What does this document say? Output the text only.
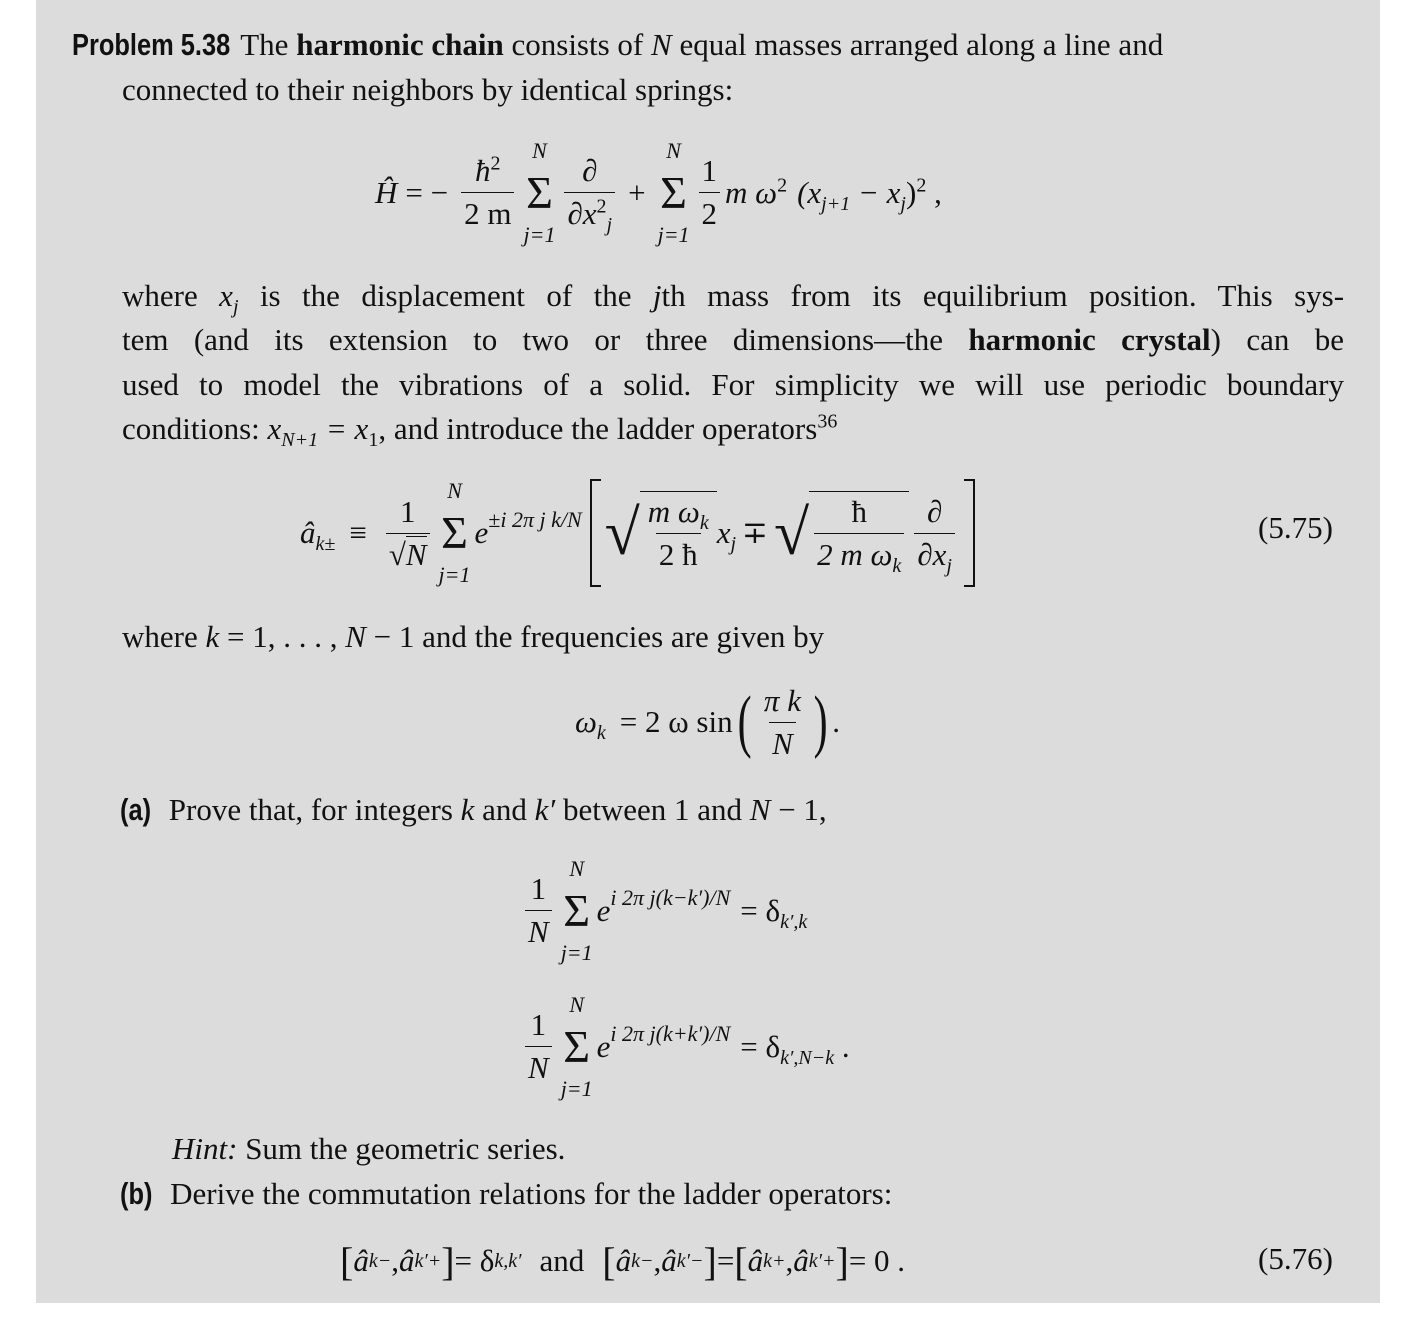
Problem 5.38 The harmonic chain consists of N equal masses arranged along a line and
connected to their neighbors by identical springs:
Ĥ = − $\frac{ħ^2}{2 m}$
N
Σ
j=1
$\frac{\partial}{\partial x^2_j}$ +
N
Σ
j=1
$\frac{1}{2}$ m $\omega^2$ $(x_{j+1} - x_j)^2$ ,
where $x_j$ is the displacement of the jth mass from its equilibrium position. This sys-
tem (and its extension to two or three dimensions—the harmonic crystal) can be
used to model the vibrations of a solid. For simplicity we will use periodic boundary
conditions: $x_{N+1} = x_1$, and introduce the ladder operators$^{36}$
$â_{k\pm} \equiv \frac{1}{√N}$
N
Σ
j=1
$e^{\pm i 2\pi j k/N}$ √ $\frac{m \omega_k}{2 ħ} x_j$ ∓ √ $\frac{ħ}{2 m \omega_k} \frac{\partial}{\partial x_j}$	(5.75)
where k = 1, . . . , N − 1 and the frequencies are given by
$\omega_k = 2$ ω sin ( $\frac{\text{π k}}{N}$ ) .
(a) Prove that, for integers k and k′ between 1 and N − 1,
$\frac{1}{N}$
N
Σ
j=1
$e^{i 2\pi j(k-k')/N} = \delta_{k',k}$
$\frac{1}{N}$
N
Σ
j=1
$e^{i 2\pi j(k+k')/N} = \delta_{k',N-k}$ .
Hint: Sum the geometric series.
(b) Derive the commutation relations for the ladder operators:
[ â k− , â k′+ ] = δ k,k′ and [ â k− , â k′− ] = [ â k+ , â k′+ ] = 0 .	(5.76)
